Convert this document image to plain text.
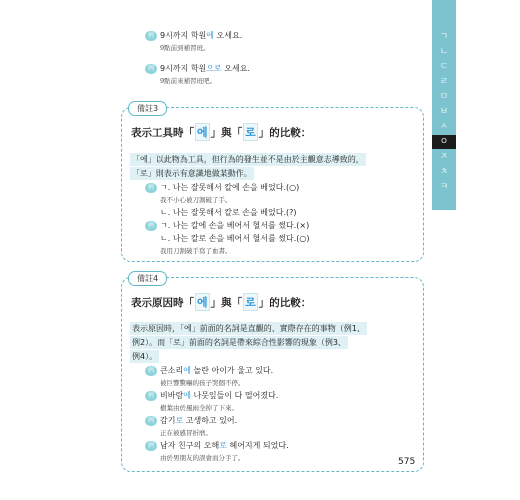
ㄱ
ㄴ
ㄷ
ㄹ
ㅁ
ㅂ
ㅅ
ㅇ
ㅈ
ㅊ
ㅋ
例 9시까지 학원에 오세요.
9點前到補習班。
例 9시까지 학원으로 오세요.
9點前來補習班吧。
備註3
表示工具時「 에 」與「 로 」的比較：
「에」以此物為工具，但行為的發生並不是由於主觀意志導致的，
「로」則表示有意識地做某動作。
例 ㄱ. 나는 잘못해서 칼에 손을 베었다.(○)
我不小心被刀割破了手。
ㄴ. 나는 잘못해서 칼로 손을 베었다.(?)
例 ㄱ. 나는 칼에 손을 베어서 혈서를 썼다.(×)
ㄴ. 나는 칼로 손을 베어서 혈서를 썼다.(○)
我用刀割破手寫了血書。
備註4
表示原因時「 에 」與「 로 」的比較：
表示原因時，「에」前面的名詞是直觀的、實際存在的事物（例1、
例2）。而「로」前面的名詞是帶來綜合性影響的現象（例3、
例4）。
例 큰소리에 놀란 아이가 울고 있다.
被巨響驚嚇的孩子哭個不停。
例 비바람에 나뭇잎들이 다 떨어졌다.
樹葉由於風雨全掉了下來。
例 감기로 고생하고 있어.
正在被感冒折磨。
例 남자 친구의 오해로 헤어지게 되었다.
由於男朋友的誤會而分手了。	575
